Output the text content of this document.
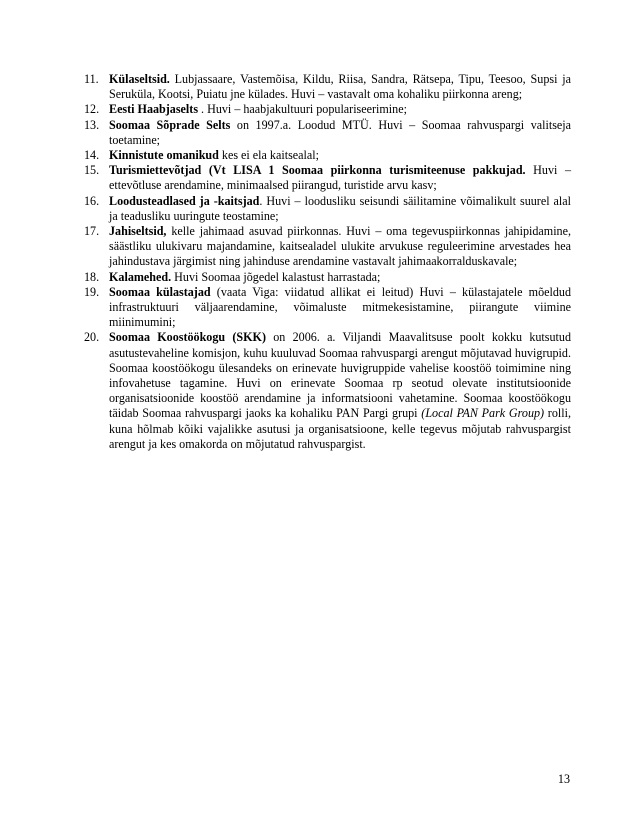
11. Külaseltsid. Lubjassaare, Vastemõisa, Kildu, Riisa, Sandra, Rätsepa, Tipu, Teesoo, Supsi ja Seruküla, Kootsi, Puiatu jne külades. Huvi – vastavalt oma kohaliku piirkonna areng;
12. Eesti Haabjaselts . Huvi – haabjakultuuri populariseerimine;
13. Soomaa Sõprade Selts on 1997.a. Loodud MTÜ. Huvi – Soomaa rahvuspargi valitseja toetamine;
14. Kinnistute omanikud kes ei ela kaitsealal;
15. Turismiettevõtjad (Vt LISA 1 Soomaa piirkonna turismiteenuse pakkujad. Huvi – ettevõtluse arendamine, minimaalsed piirangud, turistide arvu kasv;
16. Loodusteadlased ja -kaitsjad. Huvi – loodusliku seisundi säilitamine võimalikult suurel alal ja teadusliku uuringute teostamine;
17. Jahiseltsid, kelle jahimaad asuvad piirkonnas. Huvi – oma tegevuspiirkonnas jahipidamine, säästliku ulukivaru majandamine, kaitsealadel ulukite arvukuse reguleerimine arvestades hea jahindustava järgimist ning jahinduse arendamine vastavalt jahimaakorralduskavale;
18. Kalamehed. Huvi Soomaa jõgedel kalastust harrastada;
19. Soomaa külastajad (vaata Viga: viidatud allikat ei leitud) Huvi – külastajatele mõeldud infrastruktuuri väljaarendamine, võimaluste mitmekesistamine, piirangute viimine miinimumini;
20. Soomaa Koostöökogu (SKK) on 2006. a. Viljandi Maavalitsuse poolt kokku kutsutud asutustevaheline komisjon, kuhu kuuluvad Soomaa rahvuspargi arengut mõjutavad huvigrupid. Soomaa koostöökogu ülesandeks on erinevate huvigruppide vahelise koostöö toimimine ning infovahetuse tagamine. Huvi on erinevate Soomaa rp seotud olevate institutsioonide organisatsioonide koostöö arendamine ja informatsiooni vahetamine. Soomaa koostöökogu täidab Soomaa rahvuspargi jaoks ka kohaliku PAN Pargi grupi (Local PAN Park Group) rolli, kuna hõlmab kõiki vajalikke asutusi ja organisatsioone, kelle tegevus mõjutab rahvuspargist arengut ja kes omakorda on mõjutatud rahvuspargist.
13
